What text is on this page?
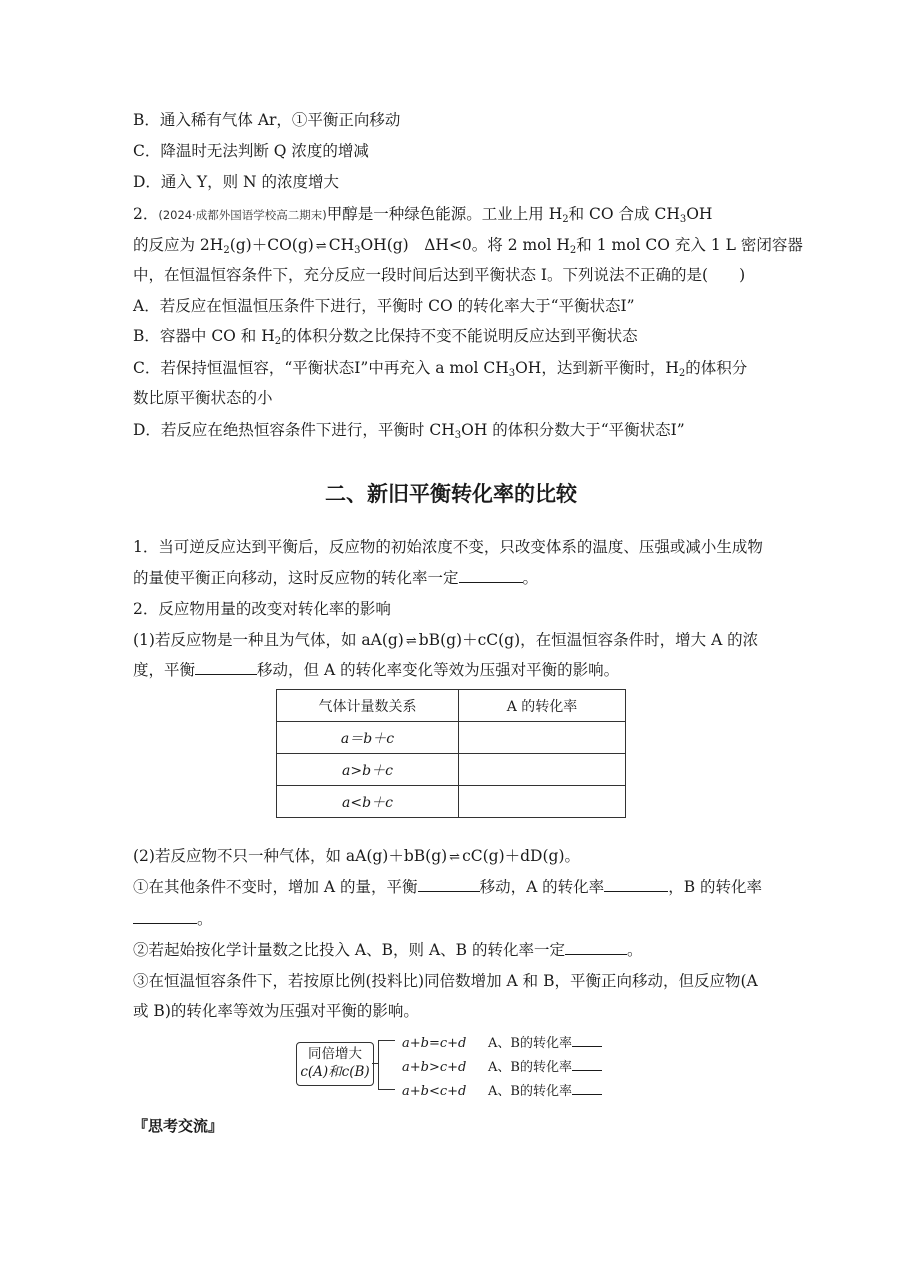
B．通入稀有气体 Ar，①平衡正向移动
C．降温时无法判断 Q 浓度的增减
D．通入 Y，则 N 的浓度增大
2．(2024·成都外国语学校高二期末)甲醇是一种绿色能源。工业上用 $H_2$和 CO 合成 $CH_3OH$
的反应为 $2H_2(g)+CO(g)$ ⇌ $CH_3OH(g)$　ΔH<0。将 2 mol $H_2$和 1 mol CO 充入 1 L 密闭容器
中，在恒温恒容条件下，充分反应一段时间后达到平衡状态 Ⅰ。下列说法不正确的是(　　)
A．若反应在恒温恒压条件下进行，平衡时 CO 的转化率大于“平衡状态Ⅰ”
B．容器中 CO 和 $H_2$的体积分数之比保持不变不能说明反应达到平衡状态
C．若保持恒温恒容，“平衡状态Ⅰ”中再充入 a mol $CH_3OH$，达到新平衡时，$H_2$的体积分
数比原平衡状态的小
D．若反应在绝热恒容条件下进行，平衡时 $CH_3OH$ 的体积分数大于“平衡状态Ⅰ”
二、新旧平衡转化率的比较
1．当可逆反应达到平衡后，反应物的初始浓度不变，只改变体系的温度、压强或减小生成物
的量使平衡正向移动，这时反应物的转化率一定	。
2．反应物用量的改变对转化率的影响
(1)若反应物是一种且为气体，如 aA(g) ⇌ bB(g)＋cC(g)，在恒温恒容条件时，增大 A 的浓
度，平衡	移动，但 A 的转化率变化等效为压强对平衡的影响。
气体计量数关系	A 的转化率
a＝b＋c	
a>b＋c	
a<b＋c	
(2)若反应物不只一种气体，如 aA(g)＋bB(g) ⇌ cC(g)＋dD(g)。
①在其他条件不变时，增加 A 的量，平衡	移动，A 的转化率	，B 的转化率
。
②若起始按化学计量数之比投入 A、B，则 A、B 的转化率一定	。
③在恒温恒容条件下，若按原比例(投料比)同倍数增加 A 和 B，平衡正向移动，但反应物(A
或 B)的转化率等效为压强对平衡的影响。
同倍增大
c(A)和c(B)
a+b=c+d A、B的转化率
a+b>c+d A、B的转化率
a+b<c+d A、B的转化率
『思考交流』
